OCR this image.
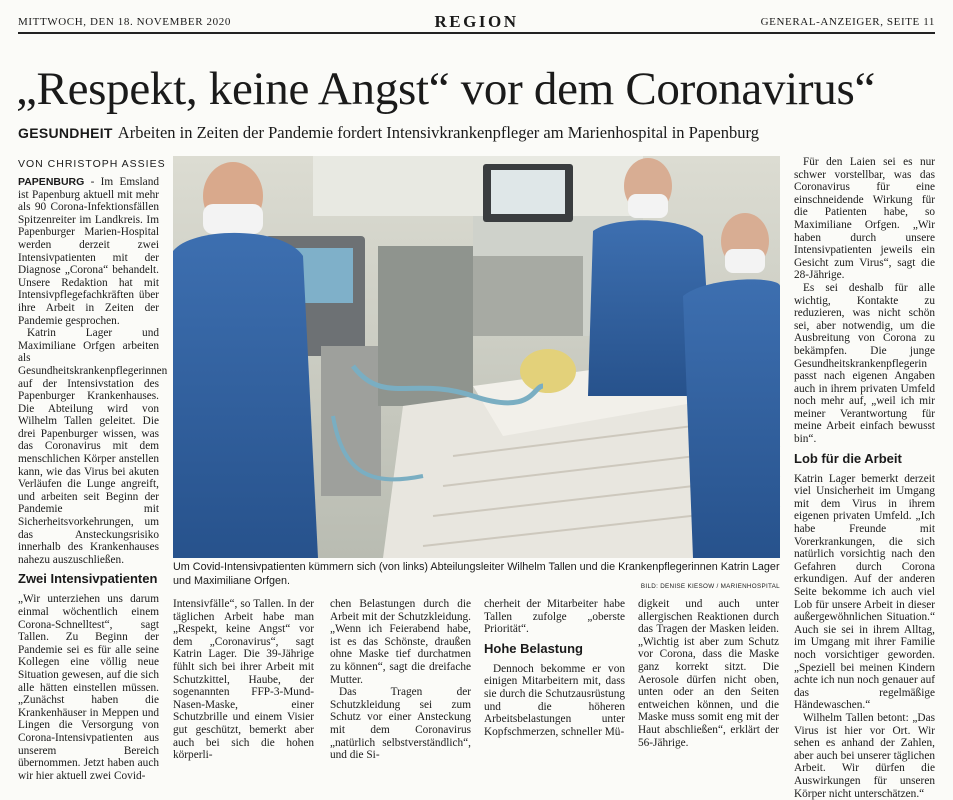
MITTWOCH, DEN 18. NOVEMBER 2020	REGION	GENERAL-ANZEIGER, SEITE 11
„Respekt, keine Angst“ vor dem Coronavirus“
GESUNDHEIT Arbeiten in Zeiten der Pandemie fordert Intensivkrankenpfleger am Marienhospital in Papenburg
VON CHRISTOPH ASSIES

PAPENBURG - Im Emsland ist Papenburg aktuell mit mehr als 90 Corona-Infektionsfällen Spitzenreiter im Landkreis. Im Papenburger Marien-Hospital werden derzeit zwei Intensivpatienten mit der Diagnose „Corona“ behandelt. Unsere Redaktion hat mit Intensivpflegefachkräften über ihre Arbeit in Zeiten der Pandemie gesprochen.

Katrin Lager und Maximiliane Orfgen arbeiten als Gesundheitskrankenpflegerinnen auf der Intensivstation des Papenburger Krankenhauses. Die Abteilung wird von Wilhelm Tallen geleitet. Die drei Papenburger wissen, was das Coronavirus mit dem menschlichen Körper anstellen kann, wie das Virus bei akuten Verläufen die Lunge angreift, und arbeiten seit Beginn der Pandemie mit Sicherheitsvorkehrungen, um das Ansteckungsrisiko innerhalb des Krankenhauses nahezu auszuschließen.

Zwei Intensivpatienten

„Wir unterziehen uns darum einmal wöchentlich einem Corona-Schnelltest“, sagt Tallen. Zu Beginn der Pandemie sei es für alle seine Kollegen eine völlig neue Situation gewesen, auf die sich alle hätten einstellen müssen. „Zunächst haben die Krankenhäuser in Meppen und Lingen die Versorgung von Corona-Intensivpatienten aus unserem Bereich übernommen. Jetzt haben auch wir hier aktuell zwei Covid-

Um Covid-Intensivpatienten kümmern sich (von links) Abteilungsleiter Wilhelm Tallen und die Krankenpflegerinnen Katrin Lager und Maximiliane Orfgen.	BILD: DENISE KIESOW / MARIENHOSPITAL

Intensivfälle“, so Tallen. In der täglichen Arbeit habe man „Respekt, keine Angst“ vor dem „Coronavirus“, sagt Katrin Lager. Die 39-Jährige fühlt sich bei ihrer Arbeit mit Schutzkittel, Haube, der sogenannten FFP-3-Mund-Nasen-Maske, einer Schutzbrille und einem Visier gut geschützt, bemerkt aber auch bei sich die hohen körperli-

chen Belastungen durch die Arbeit mit der Schutzkleidung. „Wenn ich Feierabend habe, ist es das Schönste, draußen ohne Maske tief durchatmen zu können“, sagt die dreifache Mutter.

Das Tragen der Schutzkleidung sei zum Schutz vor einer Ansteckung mit dem Coronavirus „natürlich selbstverständlich“, und die Si-

cherheit der Mitarbeiter habe Tallen zufolge „oberste Priorität“.

Hohe Belastung

Dennoch bekomme er von einigen Mitarbeitern mit, dass sie durch die Schutzausrüstung und die höheren Arbeitsbelastungen unter Kopfschmerzen, schneller Mü-

digkeit und auch unter allergischen Reaktionen durch das Tragen der Masken leiden. „Wichtig ist aber zum Schutz vor Corona, dass die Maske ganz korrekt sitzt. Die Aerosole dürfen nicht oben, unten oder an den Seiten entweichen können, und die Maske muss somit eng mit der Haut abschließen“, erklärt der 56-Jährige.

Für den Laien sei es nur schwer vorstellbar, was das Coronavirus für eine einschneidende Wirkung für die Patienten habe, so Maximiliane Orfgen. „Wir haben durch unsere Intensivpatienten jeweils ein Gesicht zum Virus“, sagt die 28-Jährige.

Es sei deshalb für alle wichtig, Kontakte zu reduzieren, was nicht schön sei, aber notwendig, um die Ausbreitung von Corona zu bekämpfen. Die junge Gesundheitskrankenpflegerin passt nach eigenen Angaben auch in ihrem privaten Umfeld noch mehr auf, „weil ich mir meiner Verantwortung für meine Arbeit einfach bewusst bin“.

Lob für die Arbeit

Katrin Lager bemerkt derzeit viel Unsicherheit im Umgang mit dem Virus in ihrem eigenen privaten Umfeld. „Ich habe Freunde mit Vorerkrankungen, die sich natürlich vorsichtig nach den Gefahren durch Corona erkundigen. Auf der anderen Seite bekomme ich auch viel Lob für unsere Arbeit in dieser außergewöhnlichen Situation.“ Auch sie sei in ihrem Alltag, im Umgang mit ihrer Familie noch vorsichtiger geworden. „Speziell bei meinen Kindern achte ich nun noch genauer auf das regelmäßige Händewaschen.“

Wilhelm Tallen betont: „Das Virus ist hier vor Ort. Wir sehen es anhand der Zahlen, aber auch bei unserer täglichen Arbeit. Wir dürfen die Auswirkungen für unseren Körper nicht unterschätzen.“
